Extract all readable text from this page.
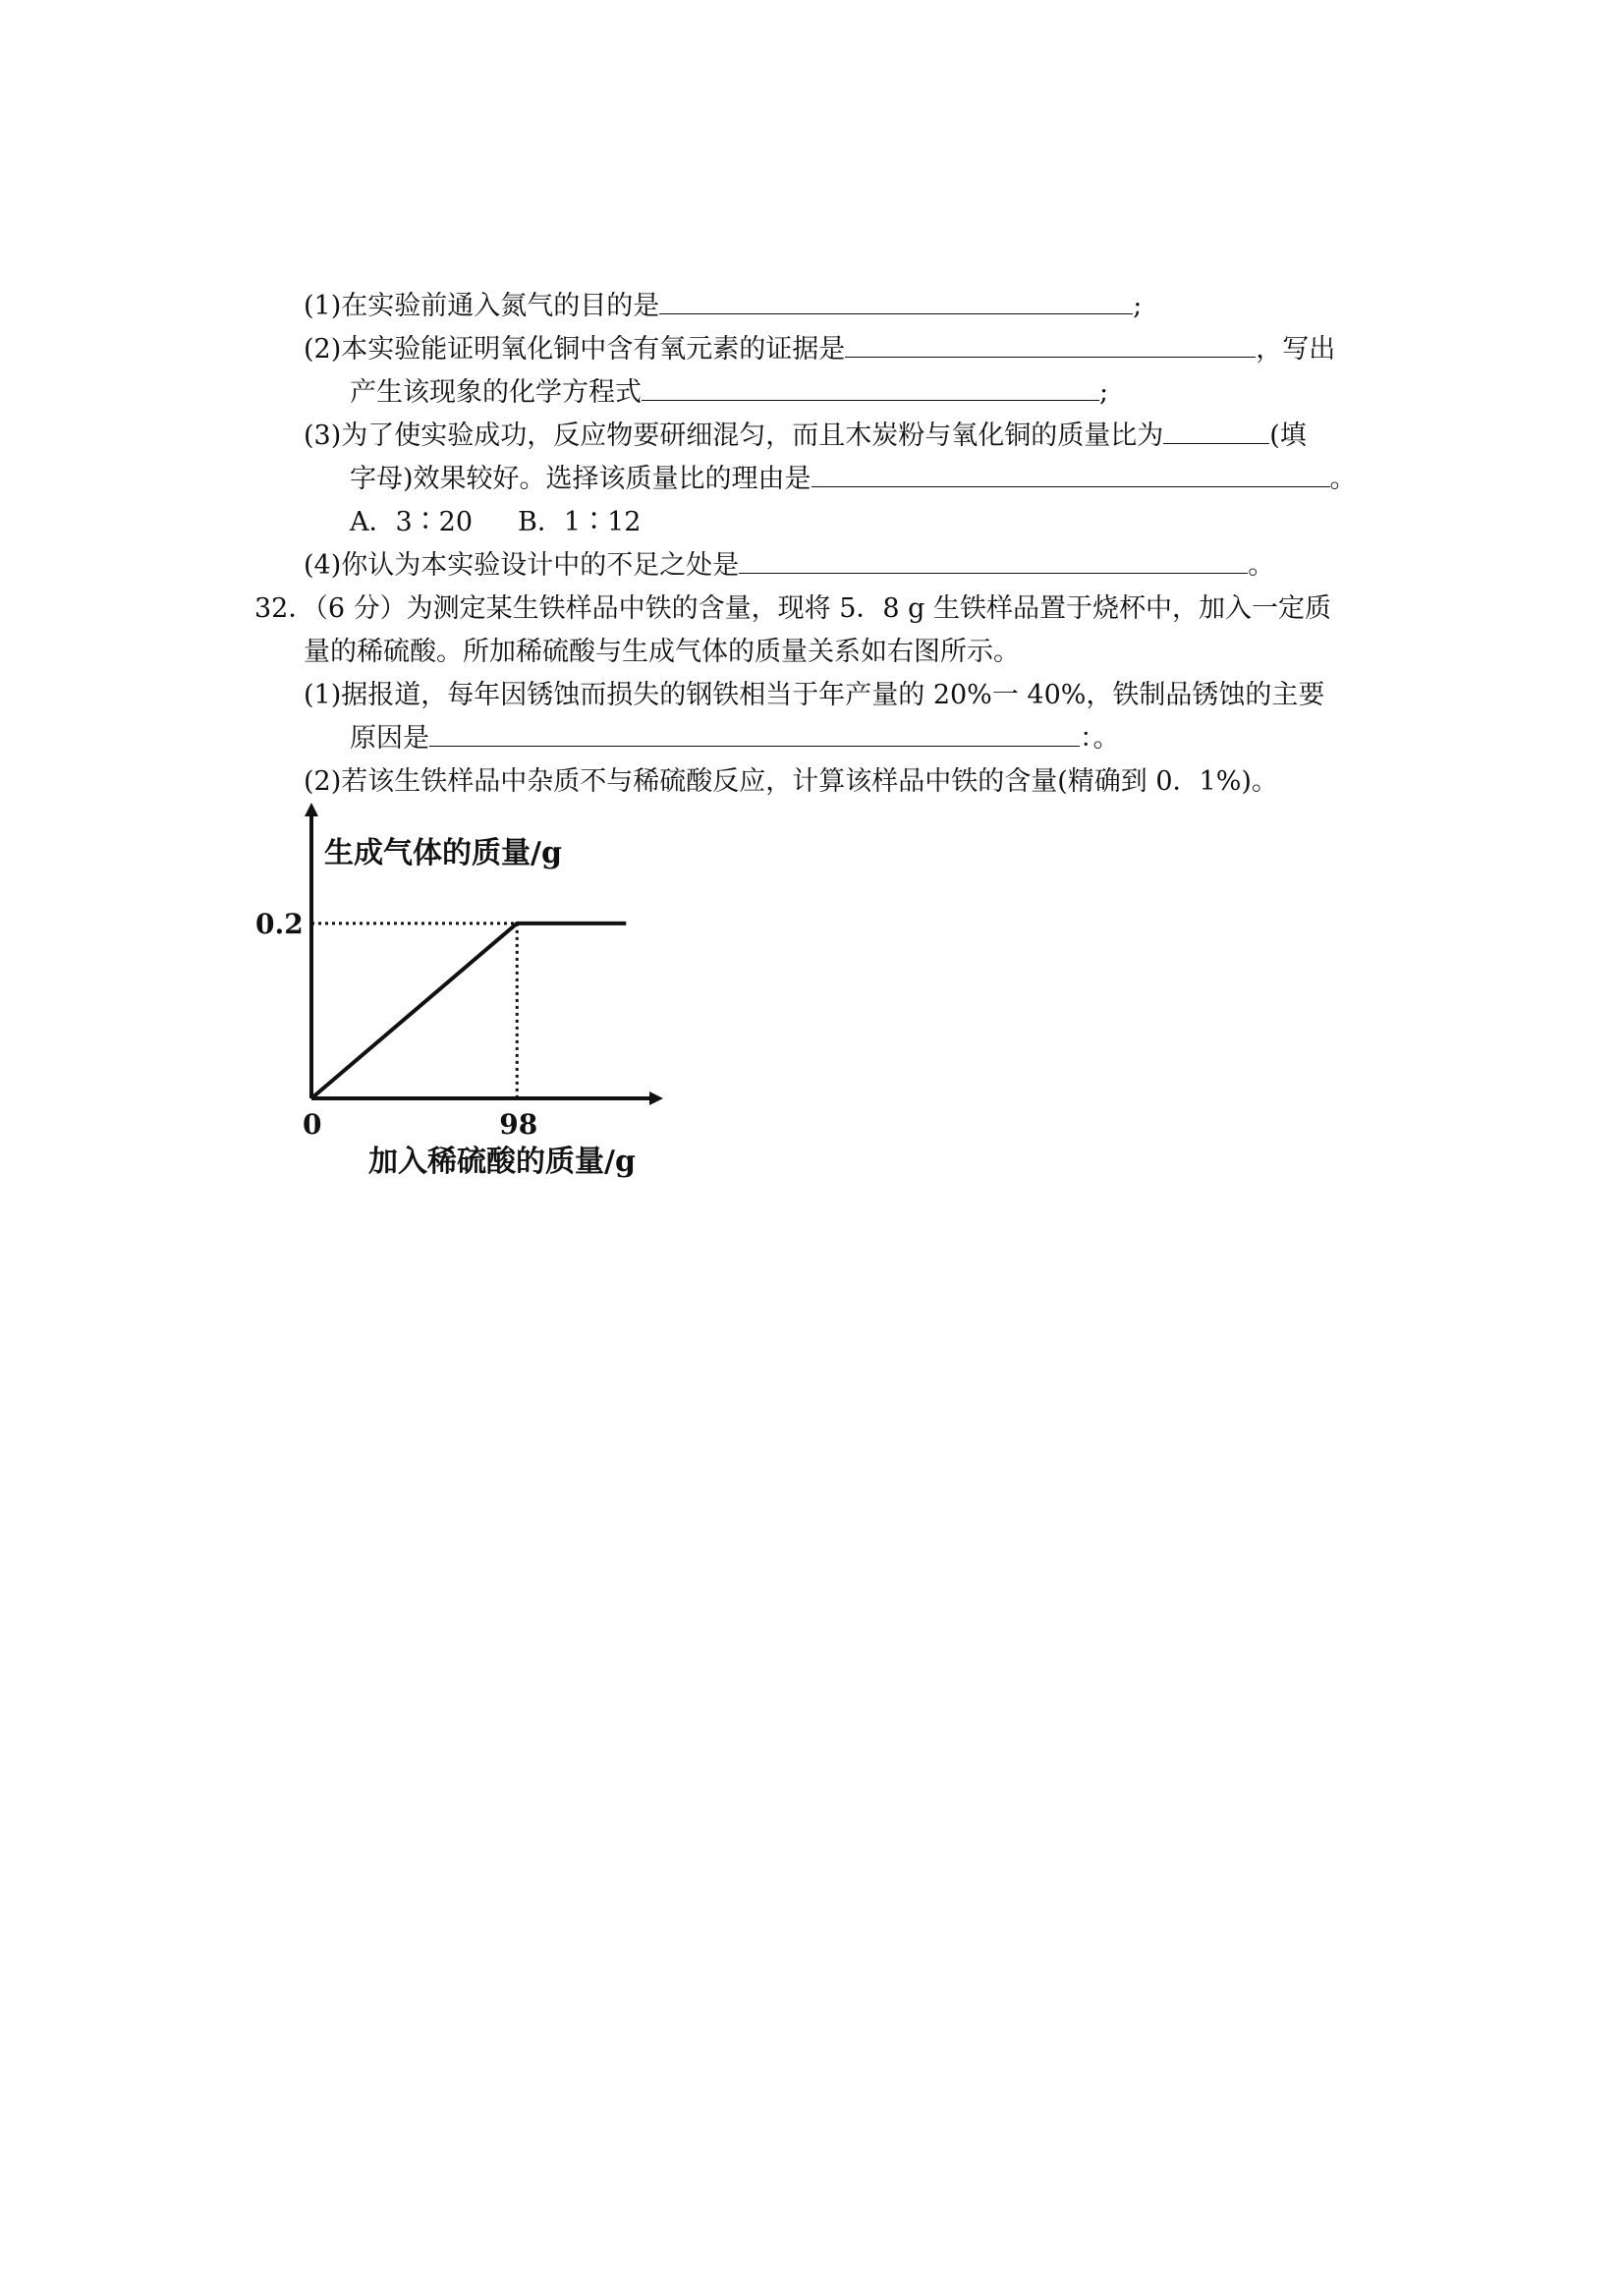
(1)在实验前通入氮气的目的是	;
(2)本实验能证明氧化铜中含有氧元素的证据是	，写出
产生该现象的化学方程式	;
(3)为了使实验成功，反应物要研细混匀，而且木炭粉与氧化铜的质量比为	(填
字母)效果较好。选择该质量比的理由是	。
A．3∶20 B．1∶12
(4)你认为本实验设计中的不足之处是	。
32．（6 分）为测定某生铁样品中铁的含量，现将 5．8 g 生铁样品置于烧杯中，加入一定质
量的稀硫酸。所加稀硫酸与生成气体的质量关系如右图所示。
(1)据报道，每年因锈蚀而损失的钢铁相当于年产量的 20%一 40%，铁制品锈蚀的主要
原因是	：。
(2)若该生铁样品中杂质不与稀硫酸反应，计算该样品中铁的含量(精确到 0．1%)。
生成气体的质量/g
加入稀硫酸的质量/g
0	98
0.2
